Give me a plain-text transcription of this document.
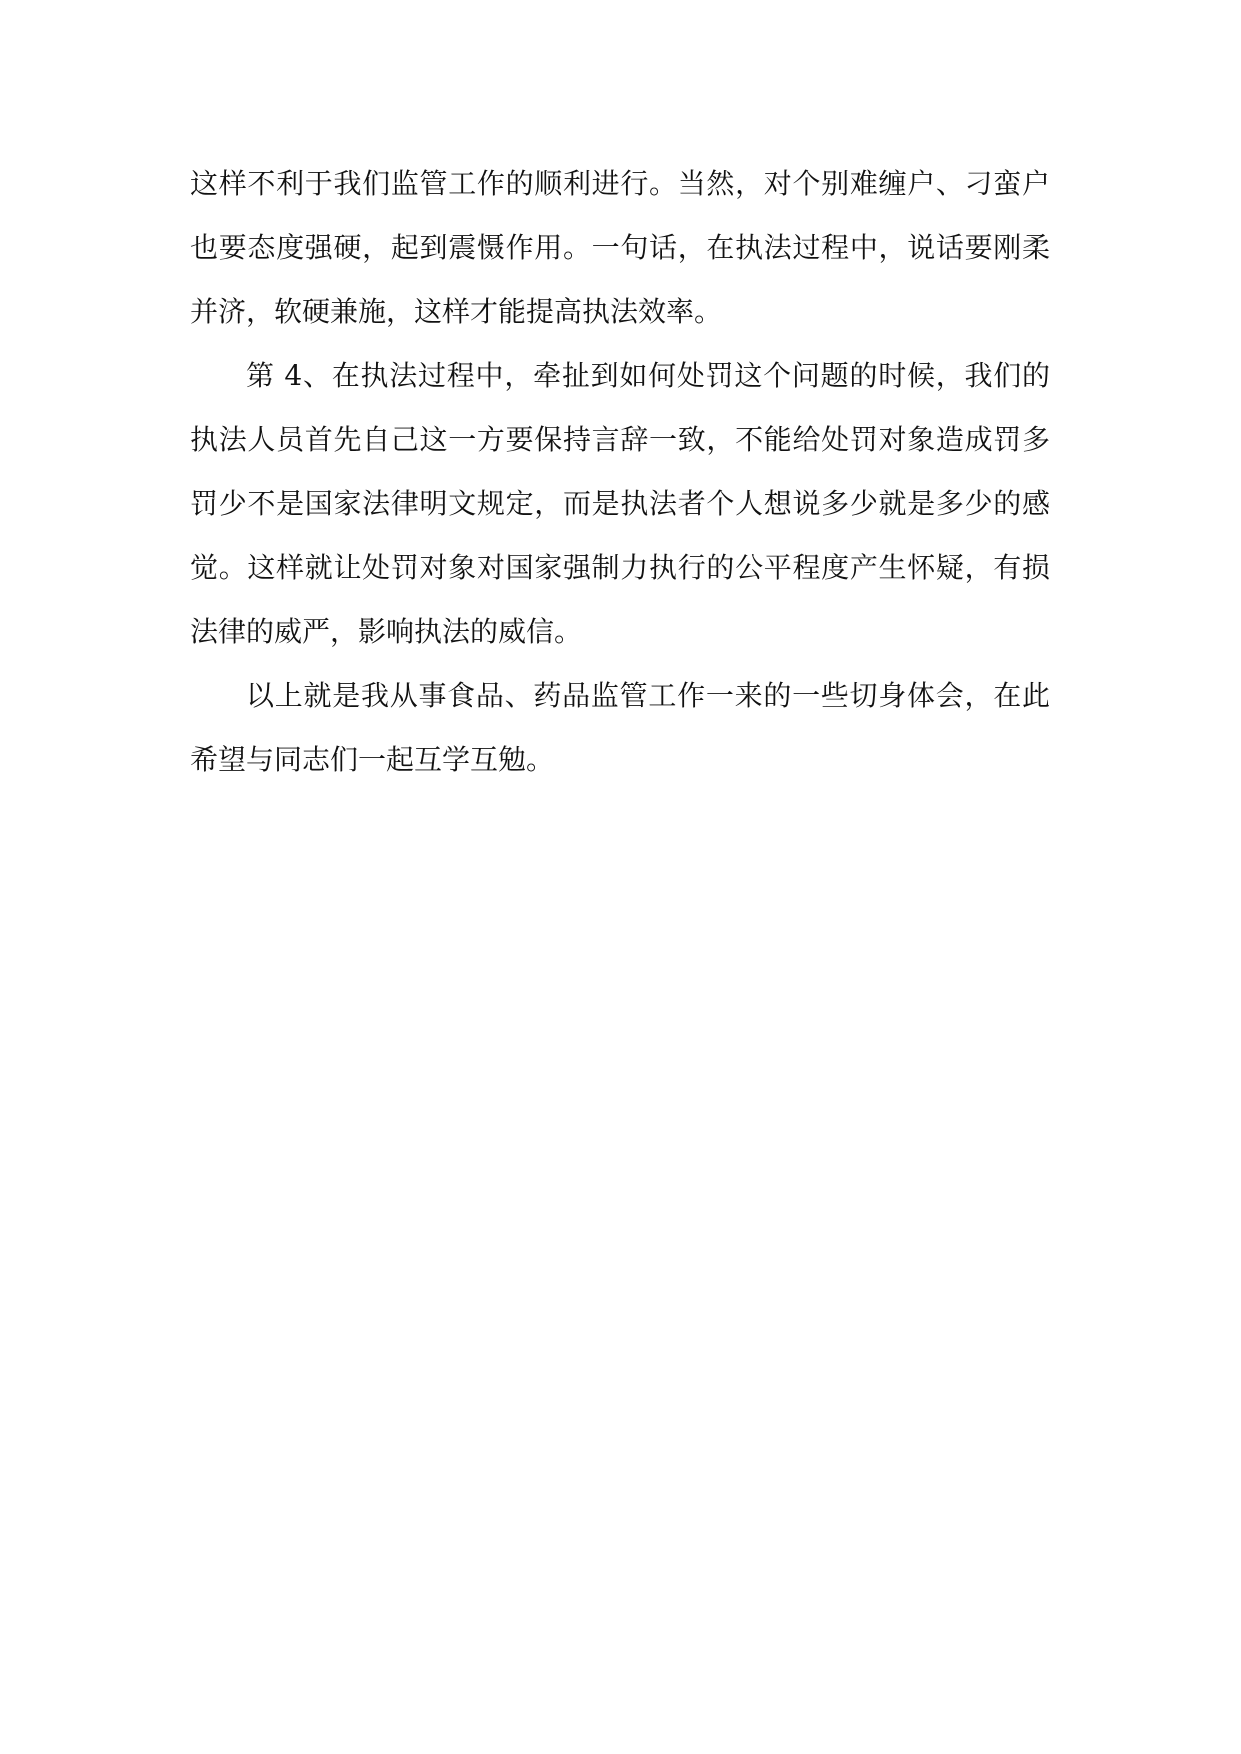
这样不利于我们监管工作的顺利进行。当然，对个别难缠户、刁蛮户
也要态度强硬，起到震慑作用。一句话，在执法过程中，说话要刚柔
并济，软硬兼施，这样才能提高执法效率。
第 4、在执法过程中，牵扯到如何处罚这个问题的时候，我们的
执法人员首先自己这一方要保持言辞一致，不能给处罚对象造成罚多
罚少不是国家法律明文规定，而是执法者个人想说多少就是多少的感
觉。这样就让处罚对象对国家强制力执行的公平程度产生怀疑，有损
法律的威严，影响执法的威信。
以上就是我从事食品、药品监管工作一来的一些切身体会，在此
希望与同志们一起互学互勉。
